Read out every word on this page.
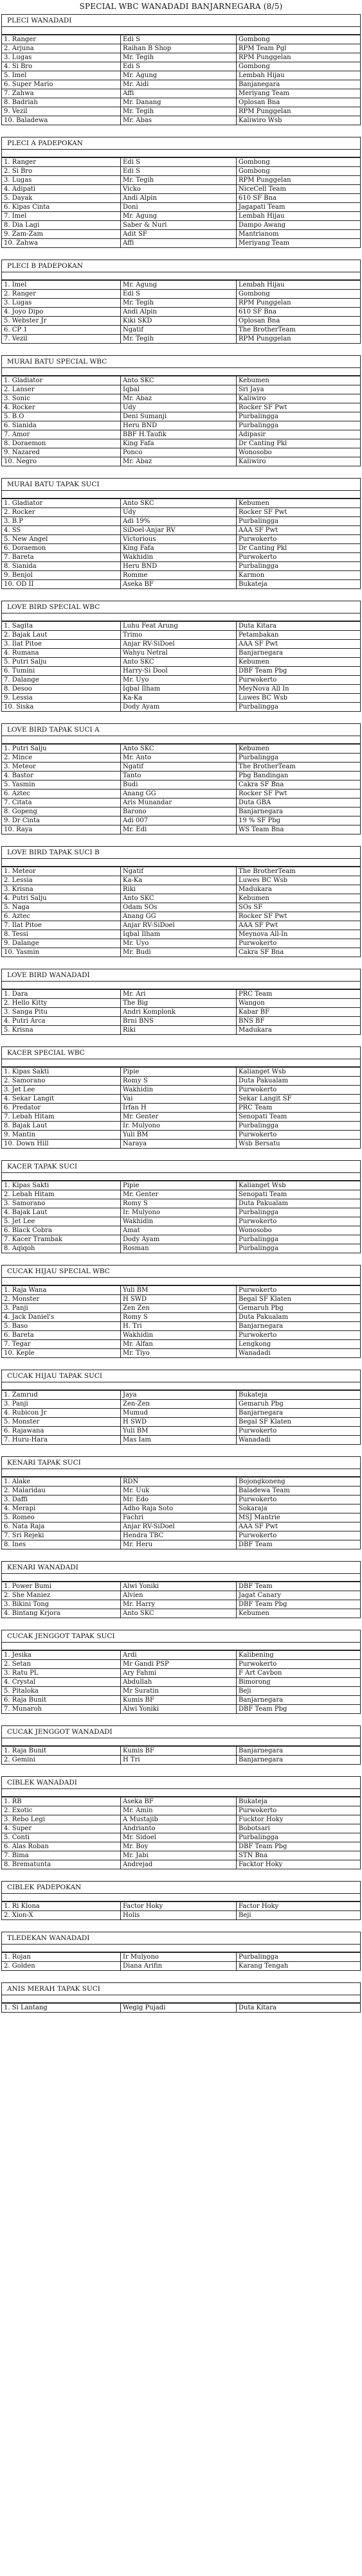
SPECIAL WBC WANADADI BANJARNEGARA (8/5)
PLECI WANADADI
1. Ranger	Edi S	Gombong
2. Arjuna	Raihan B Shop	RPM Team Pgl
3. Lugas	Mr. Tegih	RPM Punggelan
4. Si Bro	Edi S	Gombong
5. Imel	Mr. Agung	Lembah Hijau
6. Super Mario	Mr. Aidi	Banjanegara
7. Zahwa	Affi	Meriyang Team
8. Badriah	Mr. Danang	Oplosan Bna
9. Vezil	Mr. Tegih	RPM Punggelan
10. Baladewa	Mr. Abas	Kaliwiro Wsb
PLECI A PADEPOKAN
1. Ranger	Edi S	Gombong
2. Si Bro	Edi S	Gombong
3. Lugas	Mr. Tegih	RPM Punggelan
4. Adipati	Vicko	NiceCell Team
5. Dayak	Andi Alpin	610 SF Bna
6. Kipas Cinta	Doni	Jagapati Team
7. Imel	Mr. Agung	Lembah Hijau
8. Dia Lagi	Saber & Nuri	Dampo Awang
9. Zam-Zam	Adit SF	Mantrianom
10. Zahwa	Affi	Meriyang Team
PLECI B PADEPOKAN
1. Imel	Mr. Agung	Lembah Hijau
2. Ranger	Edi S	Gombong
3. Lugas	Mr. Tegih	RPM Punggelan
4. Joyo Dipo	Andi Alpin	610 SF Bna
5. Webster Jr	Kiki SKD	Oplosan Bna
6. CP 1	Ngatif	The BrotherTeam
7. Vezil	Mr. Tegih	RPM Punggelan
MURAI BATU SPECIAL WBC
1. Gladiator	Anto SKC	Kebumen
2. Lanser	Iqbal	Sri Jaya
3. Sonic	Mr. Abaz	Kaliwiro
4. Rocker	Udy	Rocker SF Pwt
5. B.O	Deni Sumanji	Purbalingga
6. Sianida	Heru BND	Purbalingga
7. Amor	BBF H.Taufik	Adipasir
8. Doraemon	King Fafa	Dr Canting Pkl
9. Nazared	Ponco	Wonosobo
10. Negro	Mr. Abaz	Kaliwiro
MURAI BATU TAPAK SUCI
1. Gladiator	Anto SKC	Kebumen
2. Rocker	Udy	Rocker SF Pwt
3. B.P	Adi 19%	Purbalingga
4. SS	SiDoel-Anjar RV	AAA SF Pwt
5. New Angel	Victorious	Purwokerto
6. Doraemon	King Fafa	Dr Canting Pkl
7. Bareta	Wakhidin	Purwokerto
8. Sianida	Heru BND	Purbalingga
9. Benjol	Romme	Karmon
10. OD II	Aseka BF	Bukateja
LOVE BIRD SPECIAL WBC
1. Sagita	Luhu Feat Arung	Duta Kitara
2. Bajak Laut	Trimo	Petambakan
3. Ilat Pitoe	Anjar RV-SiDoel	AAA SF Pwt
4. Rumana	Wahyu Netral	Banjarnegara
5. Putri Salju	Anto SKC	Kebumen
6. Tumini	Harry-Si Dool	DBF Team Pbg
7. Dalange	Mr. Uyo	Purwokerto
8. Desoo	Iqbal Ilham	MeyNova All In
9. Lessia	Ka-Ka	Luwes BC Wsb
10. Siska	Dody Ayam	Purbalingga
LOVE BIRD TAPAK SUCI A
1. Putri Salju	Anto SKC	Kebumen
2. Mince	Mr. Anto	Purbalingga
3. Meteor	Ngatif	The BrotherTeam
4. Bastor	Tanto	Pbg Bandingan
5. Yasmin	Budi	Cakra SF Bna
6. Aztec	Anang GG	Rocker SF Pwt
7. Citata	Aris Munandar	Duta GBA
8. Gopeng	Barono	Banjarnegara
9. Dr Cinta	Adi 007	19 % SF Pbg
10. Raya	Mr. Edi	WS Team Bna
LOVE BIRD TAPAK SUCI B
1. Meteor	Ngatif	The BrotherTeam
2. Lessia	Ka-Ka	Luwes BC Wsb
3. Krisna	Riki	Madukara
4. Putri Salju	Anto SKC	Kebumen
5. Naga	Odam SOs	SOs SF
6. Aztec	Anang GG	Rocker SF Pwt
7. Ilat Pitoe	Anjar RV-SiDoel	AAA SF Pwt
8. Tessi	Iqbal Ilham	Meynova All-In
9. Dalange	Mr. Uyo	Purwokerto
10. Yasmin	Mr. Budi	Cakra SF Bna
LOVE BIRD WANADADI
1. Dara	Mr. Ari	PRC Team
2. Hello Kitty	The Big	Wangon
3. Sanga Pitu	Andri Komplonk	Kabar BF
4. Putri Arca	Brni BNS	BNS BF
5. Krisna	Riki	Madukara
KACER SPECIAL WBC
1. Kipas Sakti	Pipie	Kalianget Wsb
2. Samorano	Romy S	Duta Pakualam
3. Jet Lee	Wakhidin	Purwokerto
4. Sekar Langit	Vai	Sekar Langit SF
6. Predator	Irfan H	PRC Team
7. Lebah Hitam	Mr. Genter	Senopati Team
8. Bajak Laut	Ir. Mulyono	Purbalingga
9. Mantin	Yuli BM	Purwokerto
10. Down Hill	Naraya	Wsb Bersatu
KACER TAPAK SUCI
1. Kipas Sakti	Pipie	Kalianget Wsb
2. Lebah Hitam	Mr. Genter	Senopati Team
3. Samorano	Romy S	Duta Pakualam
4. Bajak Laut	Ir. Mulyono	Purbalingga
5. Jet Lee	Wakhidin	Purwokerto
6. Black Cobra	Amat	Wonosobo
7. Kacer Trambak	Dody Ayam	Purbalingga
8. Aqiqoh	Rosman	Purbalingga
CUCAK HIJAU SPECIAL WBC
1. Raja Wana	Yuli BM	Purwokerto
2. Monster	H SWD	Begal SF Klaten
3. Panji	Zen Zen	Gemaruh Pbg
4. Jack Daniel's	Romy S	Duta Pakualam
5. Baso	H. Tri	Banjarnegara
6. Bareta	Wakhidin	Purwokerto
7. Tegar	Mr. Alfan	Lengkong
10. Keple	Mr. Tiyo	Wanadadi
CUCAK HIJAU TAPAK SUCI
1. Zamrud	Jaya	Bukateja
3. Panji	Zen-Zen	Gemaruh Pbg
4. Rubicon Jr	Mumud	Banjarnegara
5. Monster	H SWD	Begal SF Klaten
6. Rajawana	Yuli BM	Purwokerto
7. Huru-Hara	Mas Iam	Wanadadi
KENARI TAPAK SUCI
1. Alake	RDN	Bojongkoneng
2. Malaridau	Mr. Uuk	Baladewa Team
3. Daffi	Mr. Edo	Purwokerto
4. Merapi	Adho Raja Soto	Sokaraja
5. Romeo	Fachri	MSJ Mantrie
6. Nata Raja	Anjar RV-SiDoel	AAA SF Pwt
7. Sri Rejeki	Hendra TBC	Purwokerto
8. Ines	Mr. Heru	DBF Team
KENARI WANADADI
1. Power Bumi	Alwi Yoniki	DBF Team
2. She Maniez	Alvien	Jagat Canary
3. Bikini Tong	Mr. Harry	DBF Team Pbg
4. Bintang Krjora	Anto SKC	Kebumen
CUCAK JENGGOT TAPAK SUCI
1. Jesika	Ardi	Kalibening
2. Setan	Mr Gandi PSP	Purwokerto
3. Ratu PL	Ary Fahmi	F Art Cavbon
4. Crystal	Abdullah	Bimorong
5. Pitaloka	Mr Suratin	Beji
6. Raja Bunit	Kumis BF	Banjarnegara
7. Munaroh	Alwi Yoniki	DBF Team Pbg
CUCAK JENGGOT WANADADI
1. Raja Bunit	Kumis BF	Banjarnegara
2. Gemini	H Tri	Banjarnegara
CIBLEK WANADADI
1. RB	Aseka BF	Bukateja
2. Exotic	Mr. Amin	Purwokerto
3. Rebo Legi	A Mustajib	Fucktor Hoky
4. Super	Andrianto	Bobotsari
5. Conti	Mr. Sidoel	Purbalingga
6. Alas Roban	Mr. Boy	DBF Team Pbg
7. Bima	Mr. Jabi	STN Bna
8. Brematunta	Andrejad	Facktor Hoky
CIBLEK PADEPOKAN
1. Ri Klona	Factor Hoky	Factor Hoky
2. Xion-X	Holis	Beji
TLEDEKAN WANADADI
1. Rojan	Ir Mulyono	Purbalingga
2. Golden	Diana Arifin	Karang Tengah
ANIS MERAH TAPAK SUCI
1. Si Lantang	Wegig Pujadi	Duta Kitara
